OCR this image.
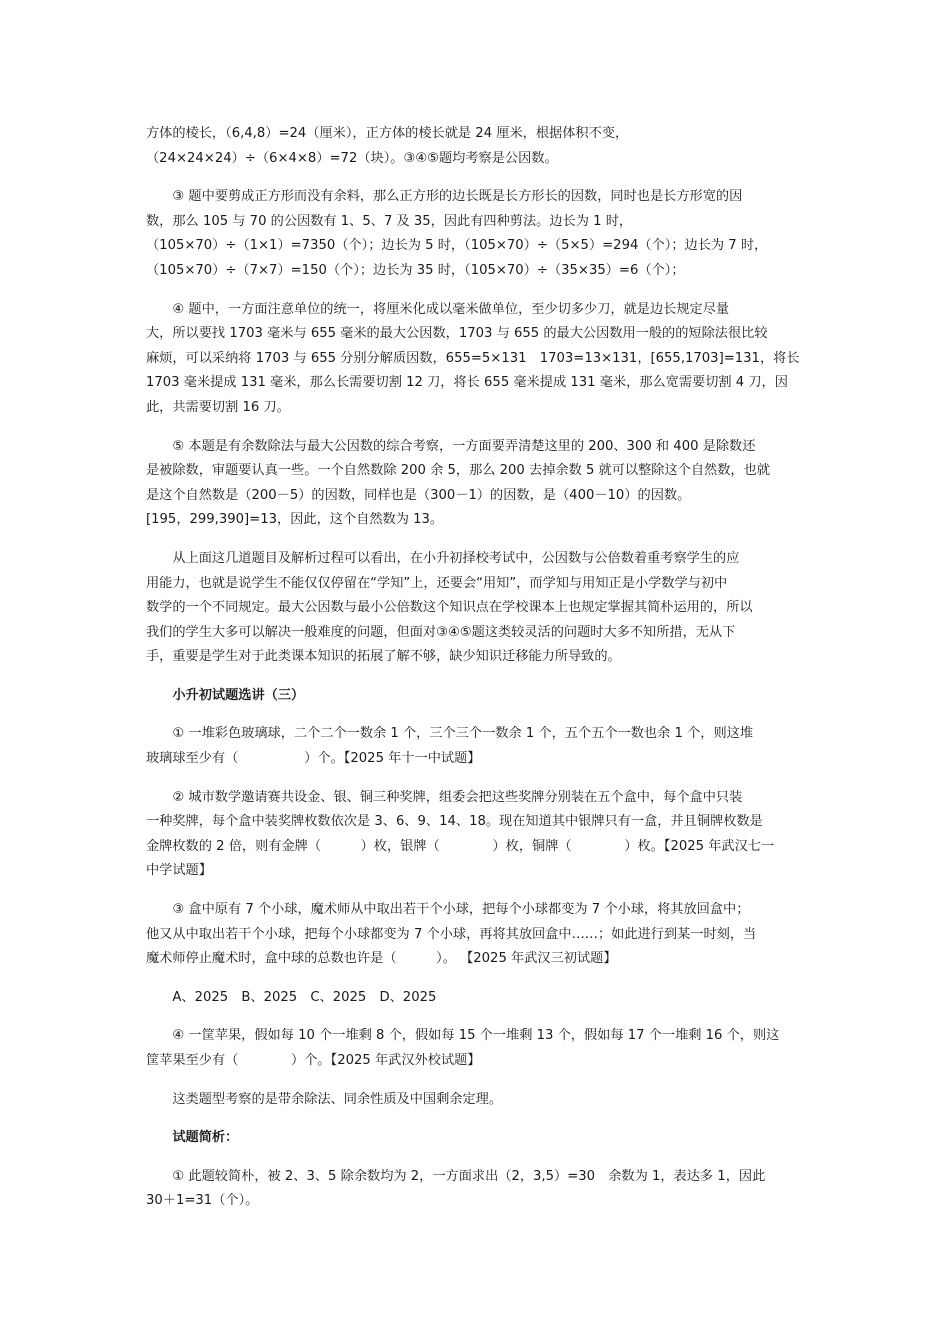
方体的棱长，（6,4,8）=24（厘米），正方体的棱长就是 24 厘米，根据体积不变，
（24×24×24）÷（6×4×8）=72（块）。③④⑤题均考察是公因数。
　　③ 题中要剪成正方形而没有余料，那么正方形的边长既是长方形长的因数，同时也是长方形宽的因
数，那么 105 与 70 的公因数有 1、5、7 及 35，因此有四种剪法。边长为 1 时，
（105×70）÷（1×1）=7350（个）；边长为 5 时，（105×70）÷（5×5）=294（个）；边长为 7 时，
（105×70）÷（7×7）=150（个）；边长为 35 时，（105×70）÷（35×35）=6（个）；
　　④ 题中，一方面注意单位的统一，将厘米化成以毫米做单位，至少切多少刀，就是边长规定尽量
大，所以要找 1703 毫米与 655 毫米的最大公因数，1703 与 655 的最大公因数用一般的的短除法很比较
麻烦，可以采纳将 1703 与 655 分别分解质因数，655=5×131　1703=13×131，[655,1703]=131，将长
1703 毫米提成 131 毫米，那么长需要切割 12 刀，将长 655 毫米提成 131 毫米，那么宽需要切割 4 刀，因
此，共需要切割 16 刀。
　　⑤ 本题是有余数除法与最大公因数的综合考察，一方面要弄清楚这里的 200、300 和 400 是除数还
是被除数，审题要认真一些。一个自然数除 200 余 5，那么 200 去掉余数 5 就可以整除这个自然数，也就
是这个自然数是（200－5）的因数，同样也是（300－1）的因数，是（400－10）的因数。
[195，299,390]=13，因此，这个自然数为 13。
　　从上面这几道题目及解析过程可以看出，在小升初择校考试中，公因数与公倍数着重考察学生的应
用能力，也就是说学生不能仅仅停留在“学知”上，还要会“用知”，而学知与用知正是小学数学与初中
数学的一个不同规定。最大公因数与最小公倍数这个知识点在学校课本上也规定掌握其简朴运用的，所以
我们的学生大多可以解决一般难度的问题，但面对③④⑤题这类较灵活的问题时大多不知所措，无从下
手，重要是学生对于此类课本知识的拓展了解不够，缺少知识迁移能力所导致的。
　　小升初试题选讲（三）
　　① 一堆彩色玻璃球，二个二个一数余 1 个，三个三个一数余 1 个，五个五个一数也余 1 个，则这堆
玻璃球至少有（　　　　　）个。【2025 年十一中试题】
　　② 城市数学邀请赛共设金、银、铜三种奖牌，组委会把这些奖牌分别装在五个盒中，每个盒中只装
一种奖牌，每个盒中装奖牌枚数依次是 3、6、9、14、18。现在知道其中银牌只有一盒，并且铜牌枚数是
金牌枚数的 2 倍，则有金牌（　　　）枚，银牌（　　　　）枚，铜牌（　　　　）枚。【2025 年武汉七一
中学试题】
　　③ 盒中原有 7 个小球，魔术师从中取出若干个小球，把每个小球都变为 7 个小球，将其放回盒中；
他又从中取出若干个小球，把每个小球都变为 7 个小球，再将其放回盒中……；如此进行到某一时刻，当
魔术师停止魔术时，盒中球的总数也许是（　　　）。 【2025 年武汉三初试题】
　　A、2025　B、2025　C、2025　D、2025
　　④ 一筐苹果，假如每 10 个一堆剩 8 个，假如每 15 个一堆剩 13 个，假如每 17 个一堆剩 16 个，则这
筐苹果至少有（　　　　）个。【2025 年武汉外校试题】
　　这类题型考察的是带余除法、同余性质及中国剩余定理。
　　试题简析：
　　① 此题较简朴，被 2、3、5 除余数均为 2，一方面求出（2，3,5）=30　余数为 1，表达多 1，因此
30＋1=31（个）。
